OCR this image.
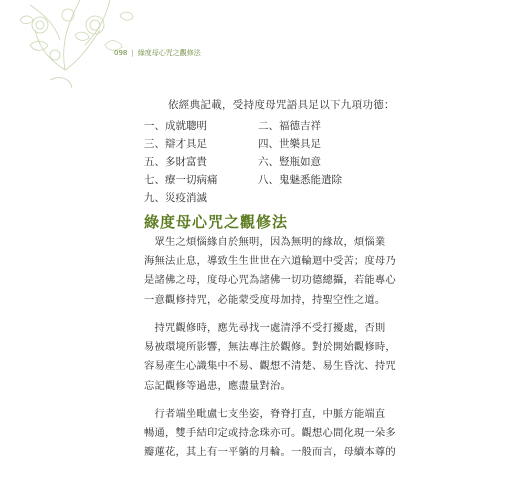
098 | 綠度母心咒之觀修法
依經典記載，受持度母咒語具足以下九項功德：
一、成就聰明	二、福德吉祥
三、辯才具足	四、世樂具足
五、多財富貴	六、豎瓶如意
七、療一切病痛	八、鬼魅悉能遣除
九、災疫消滅
綠度母心咒之觀修法
　眾生之煩惱緣自於無明，因為無明的緣故，煩惱業
海無法止息，導致生生世世在六道輪迴中受苦；度母乃
是諸佛之母，度母心咒為諸佛一切功德總攝，若能專心
一意觀修持咒，必能蒙受度母加持，持聖空性之道。
　持咒觀修時，應先尋找一處清淨不受打擾處，否則
易被環境所影響，無法專注於觀修。對於開始觀修時，
容易產生心識集中不易、觀想不清楚、易生昏沈、持咒
忘記觀修等過患，應盡量對治。
　行者端坐毗盧七支坐姿，脊脊打直，中脈方能端直
暢通，雙手結印定或持念珠亦可。觀想心間化現一朵多
瓣蓮花，其上有一平躺的月輪。一般而言，母續本尊的
